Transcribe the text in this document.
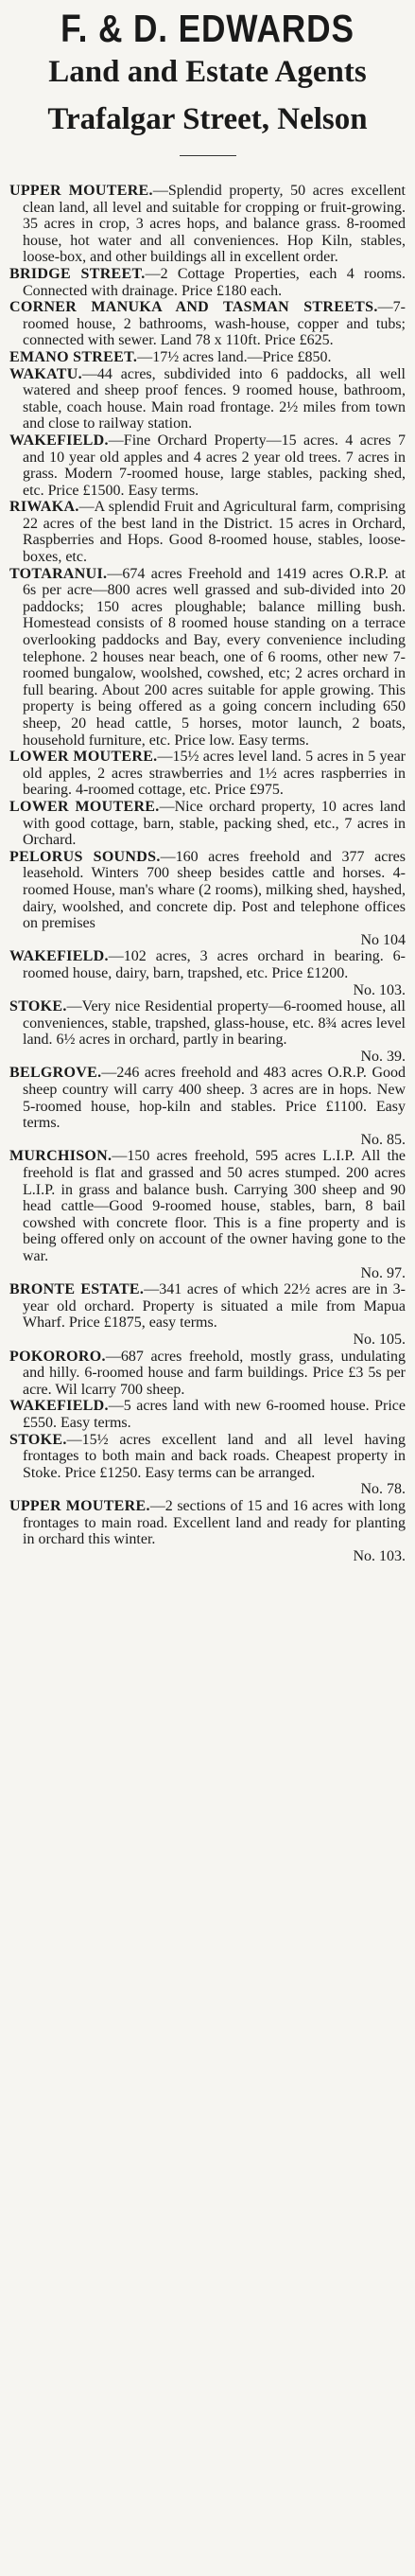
F. & D. EDWARDS
Land and Estate Agents
Trafalgar Street, Nelson

UPPER MOUTERE.—Splendid property, 50 acres excellent clean land, all level and suitable for cropping or fruit-growing. 35 acres in crop, 3 acres hops, and balance grass. 8-roomed house, hot water and all conveniences. Hop Kiln, stables, loose-box, and other buildings all in excellent order.

BRIDGE STREET.—2 Cottage Properties, each 4 rooms. Connected with drainage. Price £180 each.

CORNER MANUKA AND TASMAN STREETS.—7-roomed house, 2 bathrooms, wash-house, copper and tubs; connected with sewer. Land 78 x 110ft. Price £625.

EMANO STREET.—17½ acres land.—Price £850.

WAKATU.—44 acres, subdivided into 6 paddocks, all well watered and sheep proof fences. 9 roomed house, bathroom, stable, coach house. Main road frontage. 2½ miles from town and close to railway station.

WAKEFIELD.—Fine Orchard Property—15 acres. 4 acres 7 and 10 year old apples and 4 acres 2 year old trees. 7 acres in grass. Modern 7-roomed house, large stables, packing shed, etc. Price £1500. Easy terms.

RIWAKA.—A splendid Fruit and Agricultural farm, comprising 22 acres of the best land in the District. 15 acres in Orchard, Raspberries and Hops. Good 8-roomed house, stables, loose-boxes, etc.

TOTARANUI.—674 acres Freehold and 1419 acres O.R.P. at 6s per acre—800 acres well grassed and sub-divided into 20 paddocks; 150 acres ploughable; balance milling bush. Homestead consists of 8 roomed house standing on a terrace overlooking paddocks and Bay, every convenience including telephone. 2 houses near beach, one of 6 rooms, other new 7-roomed bungalow, woolshed, cowshed, etc; 2 acres orchard in full bearing. About 200 acres suitable for apple growing. This property is being offered as a going concern including 650 sheep, 20 head cattle, 5 horses, motor launch, 2 boats, household furniture, etc. Price low. Easy terms.

LOWER MOUTERE.—15½ acres level land. 5 acres in 5 year old apples, 2 acres strawberries and 1½ acres raspberries in bearing. 4-roomed cottage, etc. Price £975.

LOWER MOUTERE.—Nice orchard property, 10 acres land with good cottage, barn, stable, packing shed, etc., 7 acres in Orchard.

PELORUS SOUNDS.—160 acres freehold and 377 acres leasehold. Winters 700 sheep besides cattle and horses. 4-roomed House, man's whare (2 rooms), milking shed, hayshed, dairy, woolshed, and concrete dip. Post and telephone offices on premises
No 104

WAKEFIELD.—102 acres, 3 acres orchard in bearing. 6-roomed house, dairy, barn, trapshed, etc. Price £1200.
No. 103.

STOKE.—Very nice Residential property—6-roomed house, all conveniences, stable, trapshed, glass-house, etc. 8¾ acres level land. 6½ acres in orchard, partly in bearing.
No. 39.

BELGROVE.—246 acres freehold and 483 acres O.R.P. Good sheep country will carry 400 sheep. 3 acres are in hops. New 5-roomed house, hop-kiln and stables. Price £1100. Easy terms.
No. 85.

MURCHISON.—150 acres freehold, 595 acres L.I.P. All the freehold is flat and grassed and 50 acres stumped. 200 acres L.I.P. in grass and balance bush. Carrying 300 sheep and 90 head cattle—Good 9-roomed house, stables, barn, 8 bail cowshed with concrete floor. This is a fine property and is being offered only on account of the owner having gone to the war.
No. 97.

BRONTE ESTATE.—341 acres of which 22½ acres are in 3-year old orchard. Property is situated a mile from Mapua Wharf. Price £1875, easy terms.
No. 105.

POKORORO.—687 acres freehold, mostly grass, undulating and hilly. 6-roomed house and farm buildings. Price £3 5s per acre. Wil lcarry 700 sheep.

WAKEFIELD.—5 acres land with new 6-roomed house. Price £550. Easy terms.

STOKE.—15½ acres excellent land and all level having frontages to both main and back roads. Cheapest property in Stoke. Price £1250. Easy terms can be arranged.
No. 78.

UPPER MOUTERE.—2 sections of 15 and 16 acres with long frontages to main road. Excellent land and ready for planting in orchard this winter.
No. 103.
